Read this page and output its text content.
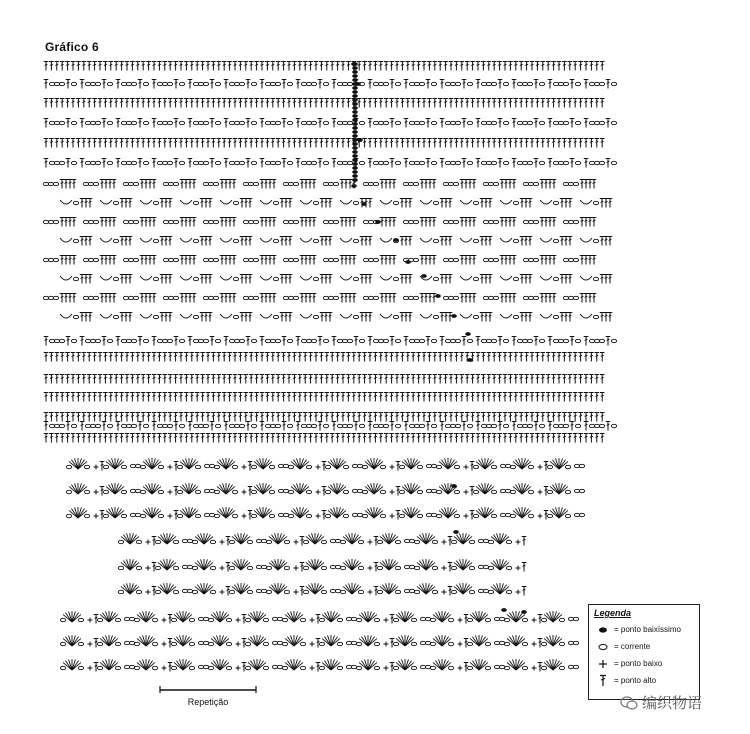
Gráfico 6
Legenda
= ponto baixíssimo
= corrente
= ponto baixo
= ponto alto
Repetição	编织物语
